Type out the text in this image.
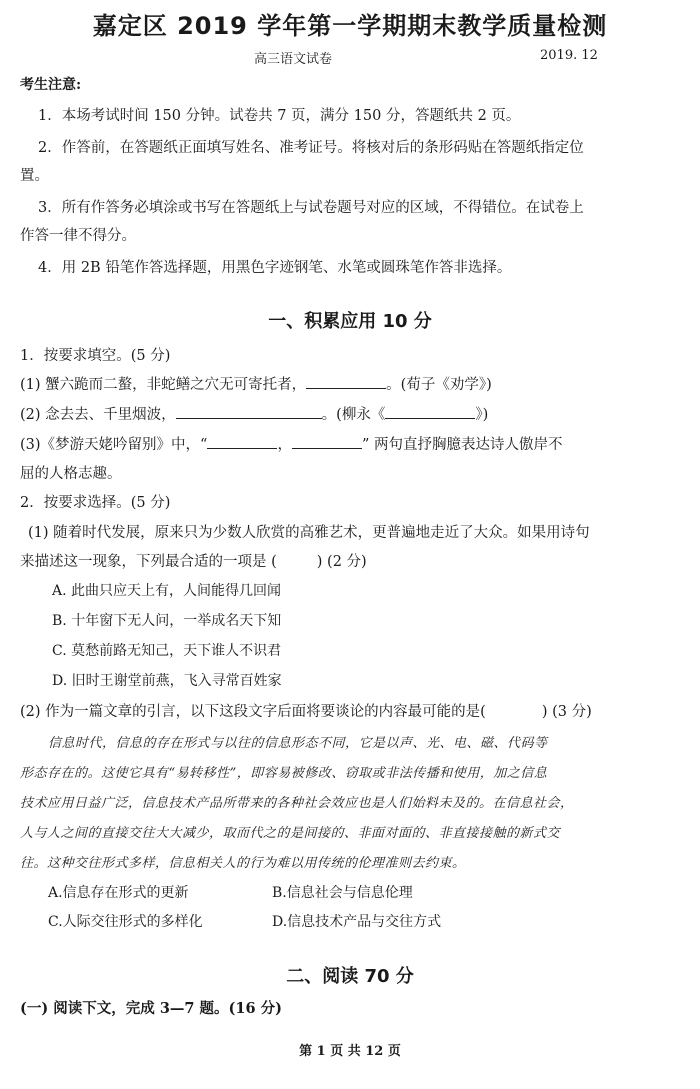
嘉定区 2019 学年第一学期期末教学质量检测
高三语文试卷	2019. 12
考生注意:
1．本场考试时间 150 分钟。试卷共 7 页，满分 150 分，答题纸共 2 页。
2．作答前，在答题纸正面填写姓名、准考证号。将核对后的条形码贴在答题纸指定位
置。
3．所有作答务必填涂或书写在答题纸上与试卷题号对应的区域，不得错位。在试卷上
作答一律不得分。
4．用 2B 铅笔作答选择题，用黑色字迹钢笔、水笔或圆珠笔作答非选择。
一、积累应用 10 分
1．按要求填空。(5 分)
(1) 蟹六跪而二螯，非蛇鳝之穴无可寄托者，	。(荀子《劝学》)
(2) 念去去、千里烟波，	。(柳永《	》)
(3)《梦游天姥吟留别》中，“	，	” 两句直抒胸臆表达诗人傲岸不
屈的人格志趣。
2．按要求选择。(5 分)
(1) 随着时代发展，原来只为少数人欣赏的高雅艺术，更普遍地走近了大众。如果用诗句
来描述这一现象，下列最合适的一项是 (	) (2 分)
A. 此曲只应天上有，人间能得几回闻
B. 十年窗下无人问，一举成名天下知
C. 莫愁前路无知己，天下谁人不识君
D. 旧时王谢堂前燕，飞入寻常百姓家
(2) 作为一篇文章的引言，以下这段文字后面将要谈论的内容最可能的是(	) (3 分)
信息时代，信息的存在形式与以往的信息形态不同，它是以声、光、电、磁、代码等
形态存在的。这使它具有“易转移性”，即容易被修改、窃取或非法传播和使用，加之信息
技术应用日益广泛，信息技术产品所带来的各种社会效应也是人们始料未及的。在信息社会，
人与人之间的直接交往大大减少，取而代之的是间接的、非面对面的、非直接接触的新式交
往。这种交往形式多样，信息相关人的行为难以用传统的伦理准则去约束。
A.信息存在形式的更新	B.信息社会与信息伦理
C.人际交往形式的多样化	D.信息技术产品与交往方式
二、阅读 70 分
(一) 阅读下文，完成 3—7 题。(16 分)
第 1 页 共 12 页
